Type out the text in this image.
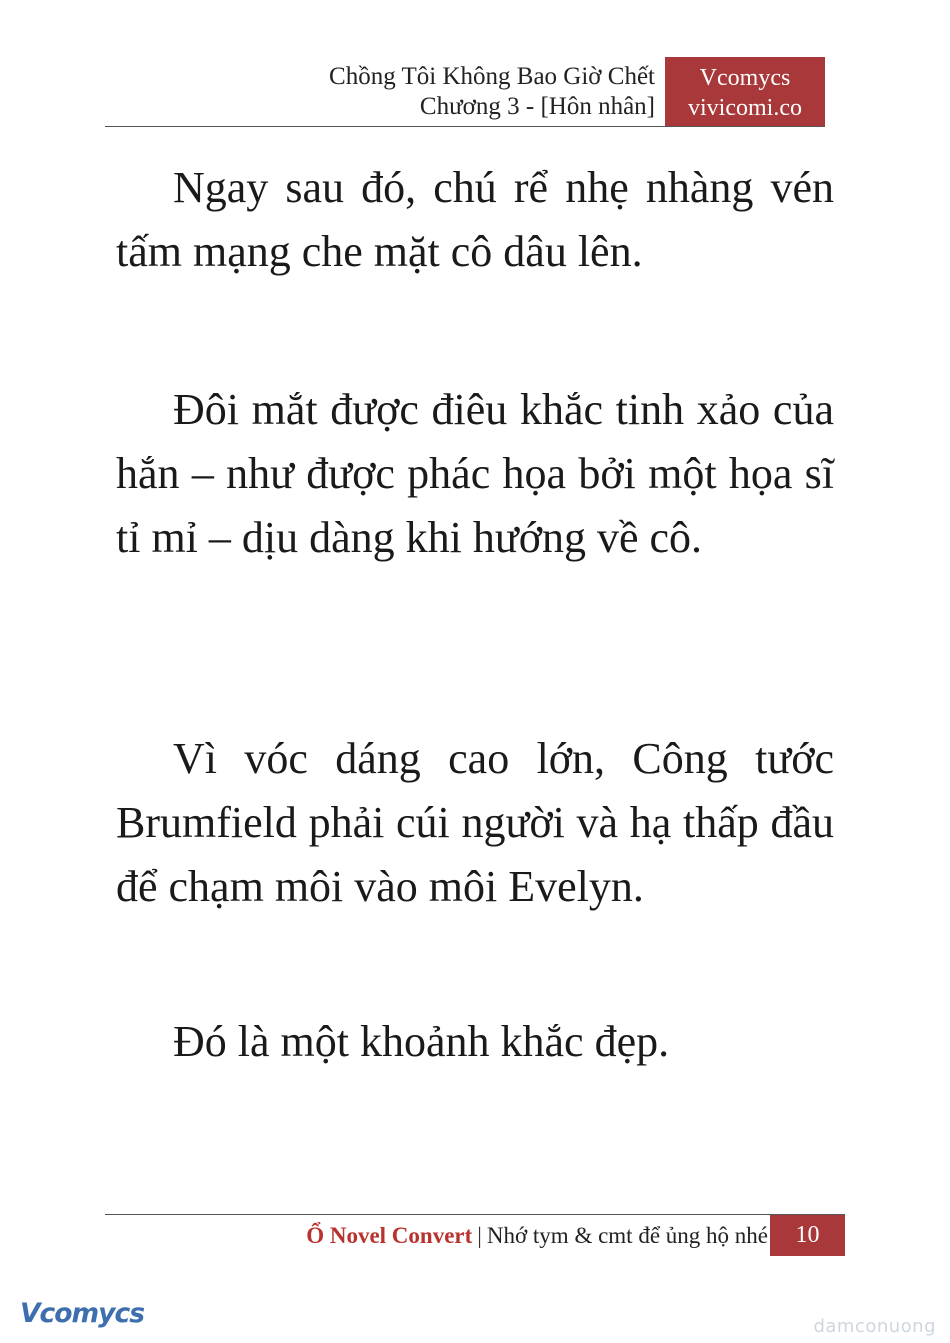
Chồng Tôi Không Bao Giờ Chết
Chương 3 - [Hôn nhân]
Vcomycs
vivicomi.co

Ngay sau đó, chú rể nhẹ nhàng vén tấm mạng che mặt cô dâu lên.

Đôi mắt được điêu khắc tinh xảo của hắn – như được phác họa bởi một họa sĩ tỉ mỉ – dịu dàng khi hướng về cô.

Vì vóc dáng cao lớn, Công tước Brumfield phải cúi người và hạ thấp đầu để chạm môi vào môi Evelyn.

Đó là một khoảnh khắc đẹp.

Ổ Novel Convert | Nhớ tym & cmt để ủng hộ nhé	10
Vcomycs	damconuong
